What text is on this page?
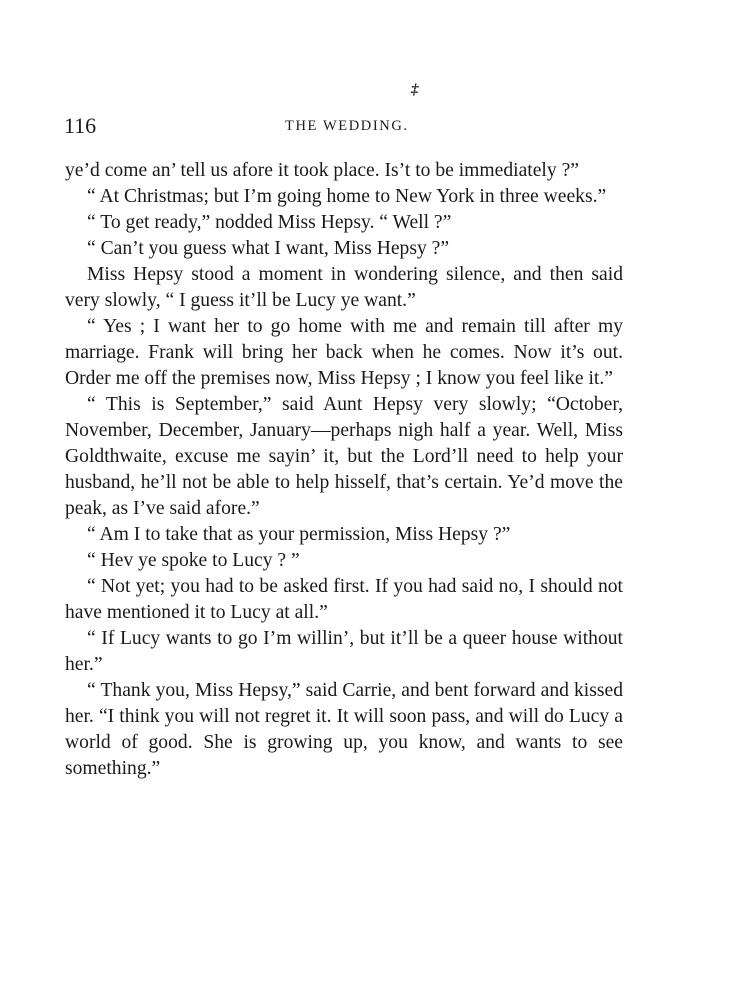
‡
116	THE WEDDING.

ye’d come an’ tell us afore it took place. Is’t to be immediately ?”

“ At Christmas; but I’m going home to New York in three weeks.”

“ To get ready,” nodded Miss Hepsy. “ Well ?”

“ Can’t you guess what I want, Miss Hepsy ?”

Miss Hepsy stood a moment in wondering silence, and then said very slowly, “ I guess it’ll be Lucy ye want.”

“ Yes ; I want her to go home with me and remain till after my marriage. Frank will bring her back when he comes. Now it’s out. Order me off the premises now, Miss Hepsy ; I know you feel like it.”

“ This is September,” said Aunt Hepsy very slowly; “October, November, December, January—perhaps nigh half a year. Well, Miss Goldthwaite, excuse me sayin’ it, but the Lord’ll need to help your husband, he’ll not be able to help hisself, that’s certain. Ye’d move the peak, as I’ve said afore.”

“ Am I to take that as your permission, Miss Hepsy ?”

“ Hev ye spoke to Lucy ? ”

“ Not yet; you had to be asked first. If you had said no, I should not have mentioned it to Lucy at all.”

“ If Lucy wants to go I’m willin’, but it’ll be a queer house without her.”

“ Thank you, Miss Hepsy,” said Carrie, and bent forward and kissed her. “I think you will not regret it. It will soon pass, and will do Lucy a world of good. She is growing up, you know, and wants to see something.”
